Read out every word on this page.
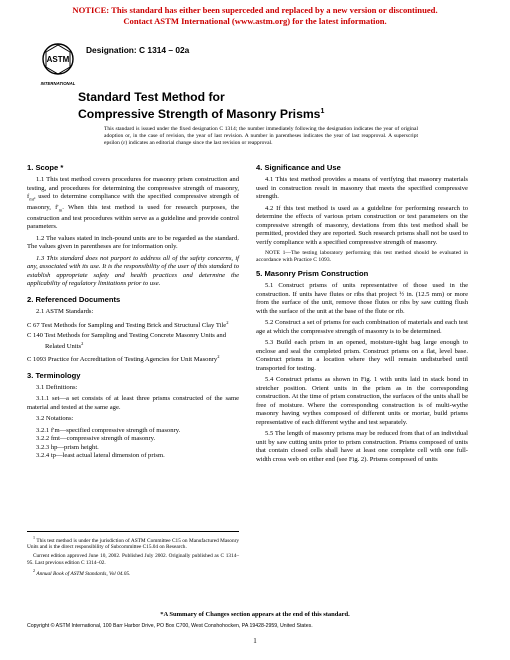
NOTICE: This standard has either been superceded and replaced by a new version or discontinued.
Contact ASTM International (www.astm.org) for the latest information.
ASTM
INTERNATIONAL
Designation: C 1314 – 02a
Standard Test Method for
Compressive Strength of Masonry Prisms$^1$
This standard is issued under the fixed designation C 1314; the number immediately following the designation indicates the year of original adoption or, in the case of revision, the year of last revision. A number in parentheses indicates the year of last reapproval. A superscript epsilon (ε) indicates an editorial change since the last revision or reapproval.
1. Scope *
1.1 This test method covers procedures for masonry prism construction and testing, and procedures for determining the compressive strength of masonry, $f_{mt}$, used to determine compliance with the specified compressive strength of masonry, $f'_m$. When this test method is used for research purposes, the construction and test procedures within serve as a guideline and provide control parameters.
1.2 The values stated in inch-pound units are to be regarded as the standard. The values given in parentheses are for information only.
1.3 This standard does not purport to address all of the safety concerns, if any, associated with its use. It is the responsibility of the user of this standard to establish appropriate safety and health practices and determine the applicability of regulatory limitations prior to use.
2. Referenced Documents
2.1 ASTM Standards:
C 67 Test Methods for Sampling and Testing Brick and Structural Clay Tile$^2$
C 140 Test Methods for Sampling and Testing Concrete Masonry Units and Related Units$^2$
C 1093 Practice for Accreditation of Testing Agencies for Unit Masonry$^2$
3. Terminology
3.1 Definitions:
3.1.1 set—a set consists of at least three prisms constructed of the same material and tested at the same age.
3.2 Notations:
3.2.1 f′m—specified compressive strength of masonry.
3.2.2 fmt—compressive strength of masonry.
3.2.3 hp—prism height.
3.2.4 tp—least actual lateral dimension of prism.
$^1$ This test method is under the jurisdiction of ASTM Committee C15 on Manufactured Masonry Units and is the direct responsibility of Subcommittee C15.04 on Research.
Current edition approved June 10, 2002. Published July 2002. Originally published as C 1314–95. Last previous edition C 1314–02.
$^2$ Annual Book of ASTM Standards, Vol 04.05.
4. Significance and Use
4.1 This test method provides a means of verifying that masonry materials used in construction result in masonry that meets the specified compressive strength.
4.2 If this test method is used as a guideline for performing research to determine the effects of various prism construction or test parameters on the compressive strength of masonry, deviations from this test method shall be permitted, provided they are reported. Such research prisms shall not be used to verify compliance with a specified compressive strength of masonry.
NOTE 1—The testing laboratory performing this test method should be evaluated in accordance with Practice C 1093.
5. Masonry Prism Construction
5.1 Construct prisms of units representative of those used in the construction. If units have flutes or ribs that project ½ in. (12.5 mm) or more from the surface of the unit, remove those flutes or ribs by saw cutting flush with the surface of the unit at the base of the flute or rib.
5.2 Construct a set of prisms for each combination of materials and each test age at which the compressive strength of masonry is to be determined.
5.3 Build each prism in an opened, moisture-tight bag large enough to enclose and seal the completed prism. Construct prisms on a flat, level base. Construct prisms in a location where they will remain undisturbed until transported for testing.
5.4 Construct prisms as shown in Fig. 1 with units laid in stack bond in stretcher position. Orient units in the prism as in the corresponding construction. At the time of prism construction, the surfaces of the units shall be free of moisture. Where the corresponding construction is of multi-wythe masonry having wythes composed of different units or mortar, build prisms representative of each different wythe and test separately.
5.5 The length of masonry prisms may be reduced from that of an individual unit by saw cutting units prior to prism construction. Prisms composed of units that contain closed cells shall have at least one complete cell with one full-width cross web on either end (see Fig. 2). Prisms composed of units
*A Summary of Changes section appears at the end of this standard.
Copyright © ASTM International, 100 Barr Harbor Drive, PO Box C700, West Conshohocken, PA 19428-2959, United States.
1
